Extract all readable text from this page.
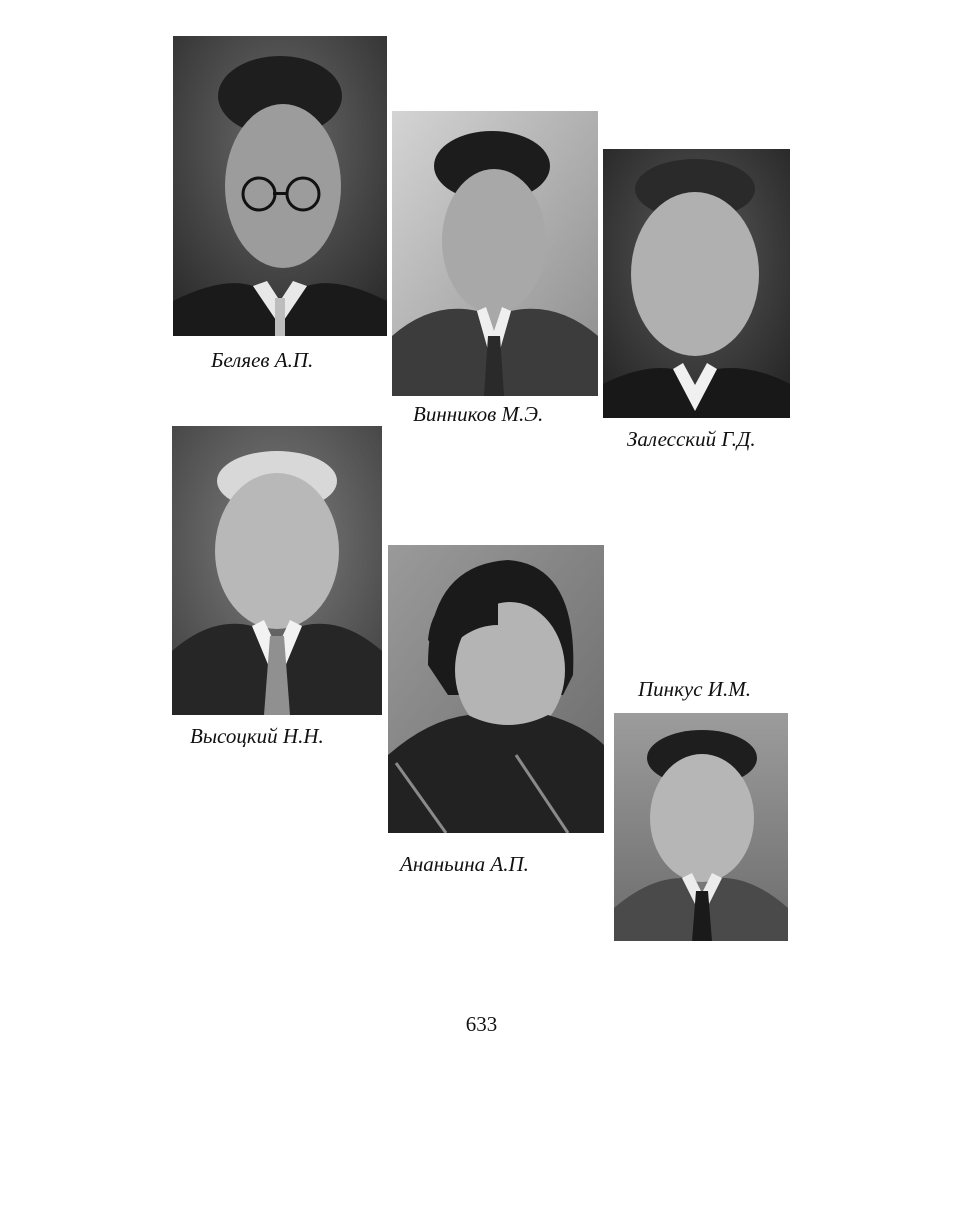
Беляев А.П.
Винников М.Э.
Залесский Г.Д.
Высоцкий Н.Н.
Ананьина А.П.
Пинкус И.М.
633
